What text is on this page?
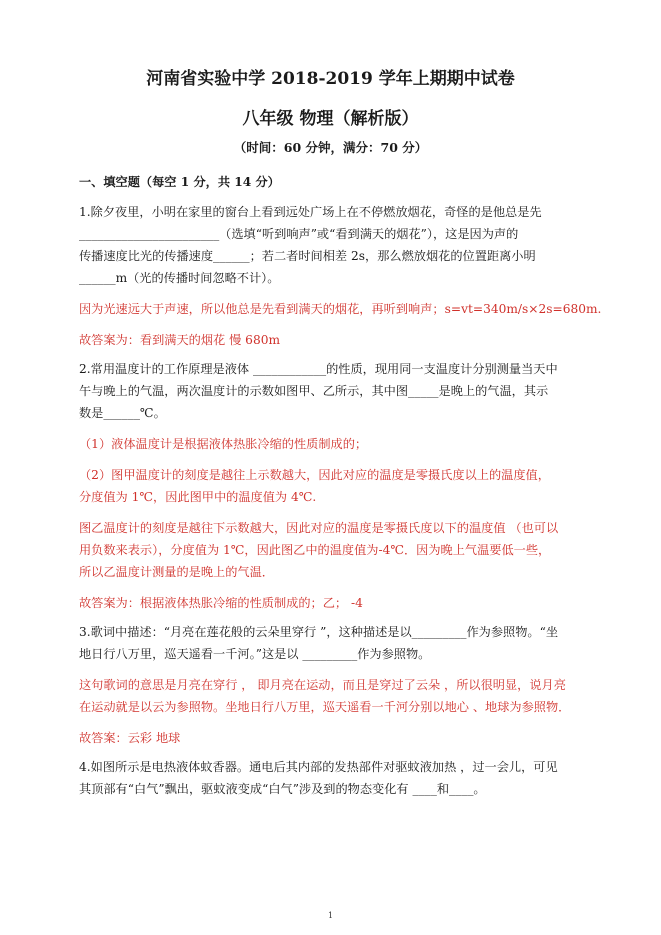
河南省实验中学 2018-2019 学年上期期中试卷
八年级 物理（解析版）
（时间：60 分钟，满分：70 分）
一、填空题（每空 1 分，共 14 分）
1.除夕夜里，小明在家里的窗台上看到远处广场上在不停燃放烟花，奇怪的是他总是先
_______________________（选填“听到响声”或“看到满天的烟花”），这是因为声的
传播速度比光的传播速度______；若二者时间相差 2s，那么燃放烟花的位置距离小明
______m（光的传播时间忽略不计）。
因为光速远大于声速，所以他总是先看到满天的烟花，再听到响声；s=vt=340m/s×2s=680m.
故答案为：看到满天的烟花 慢 680m
2.常用温度计的工作原理是液体 ____________的性质，现用同一支温度计分别测量当天中
午与晚上的气温，两次温度计的示数如图甲、乙所示，其中图_____是晚上的气温，其示
数是______℃。
（1）液体温度计是根据液体热胀冷缩的性质制成的；
（2）图甲温度计的刻度是越往上示数越大，因此对应的温度是零摄氏度以上的温度值，
分度值为 1℃，因此图甲中的温度值为 4℃.
图乙温度计的刻度是越往下示数越大，因此对应的温度是零摄氏度以下的温度值 （也可以
用负数来表示），分度值为 1℃，因此图乙中的温度值为-4℃．因为晚上气温要低一些，
所以乙温度计测量的是晚上的气温．
故答案为：根据液体热胀冷缩的性质制成的；乙； -4
3.歌词中描述：“月亮在莲花般的云朵里穿行 ”，这种描述是以_________作为参照物。“坐
地日行八万里，巡天遥看一千河。”这是以 _________作为参照物。
这句歌词的意思是月亮在穿行 ， 即月亮在运动，而且是穿过了云朵 ，所以很明显，说月亮
在运动就是以云为参照物。坐地日行八万里，巡天遥看一千河分别以地心 、地球为参照物．
故答案：云彩 地球
4.如图所示是电热液体蚊香器。通电后其内部的发热部件对驱蚊液加热 ，过一会儿，可见
其顶部有“白气”飘出，驱蚊液变成“白气”涉及到的物态变化有 ____和____。
1
